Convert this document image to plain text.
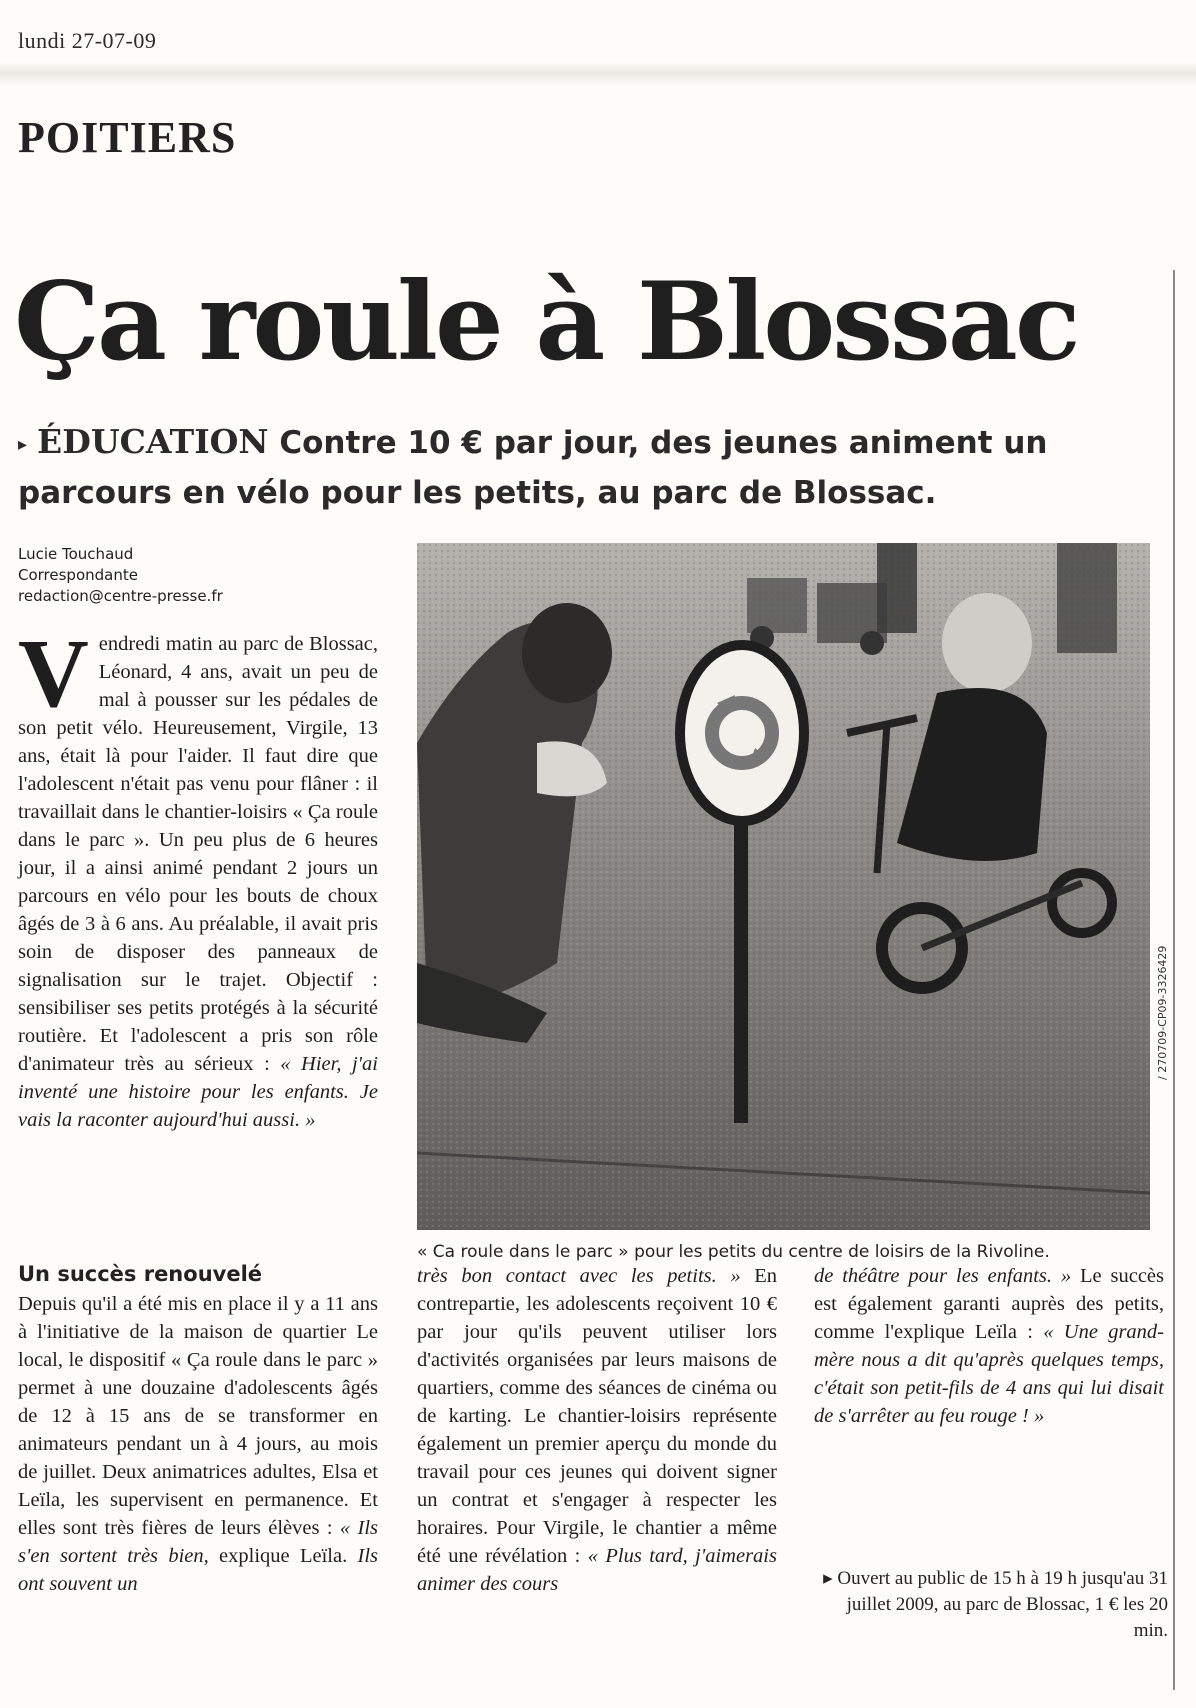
lundi 27-07-09
POITIERS
Ça roule à Blossac
▸ ÉDUCATION Contre 10 € par jour, des jeunes animent un parcours en vélo pour les petits, au parc de Blossac.
Lucie Touchaud
Correspondante
redaction@centre-presse.fr

Vendredi matin au parc de Blossac, Léonard, 4 ans, avait un peu de mal à pousser sur les pédales de son petit vélo. Heureusement, Virgile, 13 ans, était là pour l'aider. Il faut dire que l'adolescent n'était pas venu pour flâner : il travaillait dans le chantier-loisirs « Ça roule dans le parc ». Un peu plus de 6 heures jour, il a ainsi animé pendant 2 jours un parcours en vélo pour les bouts de choux âgés de 3 à 6 ans. Au préalable, il avait pris soin de disposer des panneaux de signalisation sur le trajet. Objectif : sensibiliser ses petits protégés à la sécurité routière. Et l'adolescent a pris son rôle d'animateur très au sérieux : « Hier, j'ai inventé une histoire pour les enfants. Je vais la raconter aujourd'hui aussi. »

/ 270709-CP09-3326429
« Ca roule dans le parc » pour les petits du centre de loisirs de la Rivoline.
Un succès renouvelé

Depuis qu'il a été mis en place il y a 11 ans à l'initiative de la maison de quartier Le local, le dispositif « Ça roule dans le parc » permet à une douzaine d'adolescents âgés de 12 à 15 ans de se transformer en animateurs pendant un à 4 jours, au mois de juillet. Deux animatrices adultes, Elsa et Leïla, les supervisent en permanence. Et elles sont très fières de leurs élèves : « Ils s'en sortent très bien, explique Leïla. Ils ont souvent un

très bon contact avec les petits. » En contrepartie, les adolescents reçoivent 10 € par jour qu'ils peuvent utiliser lors d'activités organisées par leurs maisons de quartiers, comme des séances de cinéma ou de karting. Le chantier-loisirs représente également un premier aperçu du monde du travail pour ces jeunes qui doivent signer un contrat et s'engager à respecter les horaires. Pour Virgile, le chantier a même été une révélation : « Plus tard, j'aimerais animer des cours

de théâtre pour les enfants. » Le succès est également garanti auprès des petits, comme l'explique Leïla : « Une grand-mère nous a dit qu'après quelques temps, c'était son petit-fils de 4 ans qui lui disait de s'arrêter au feu rouge ! »

▸ Ouvert au public de 15 h à 19 h jusqu'au 31 juillet 2009, au parc de Blossac, 1 € les 20 min.
